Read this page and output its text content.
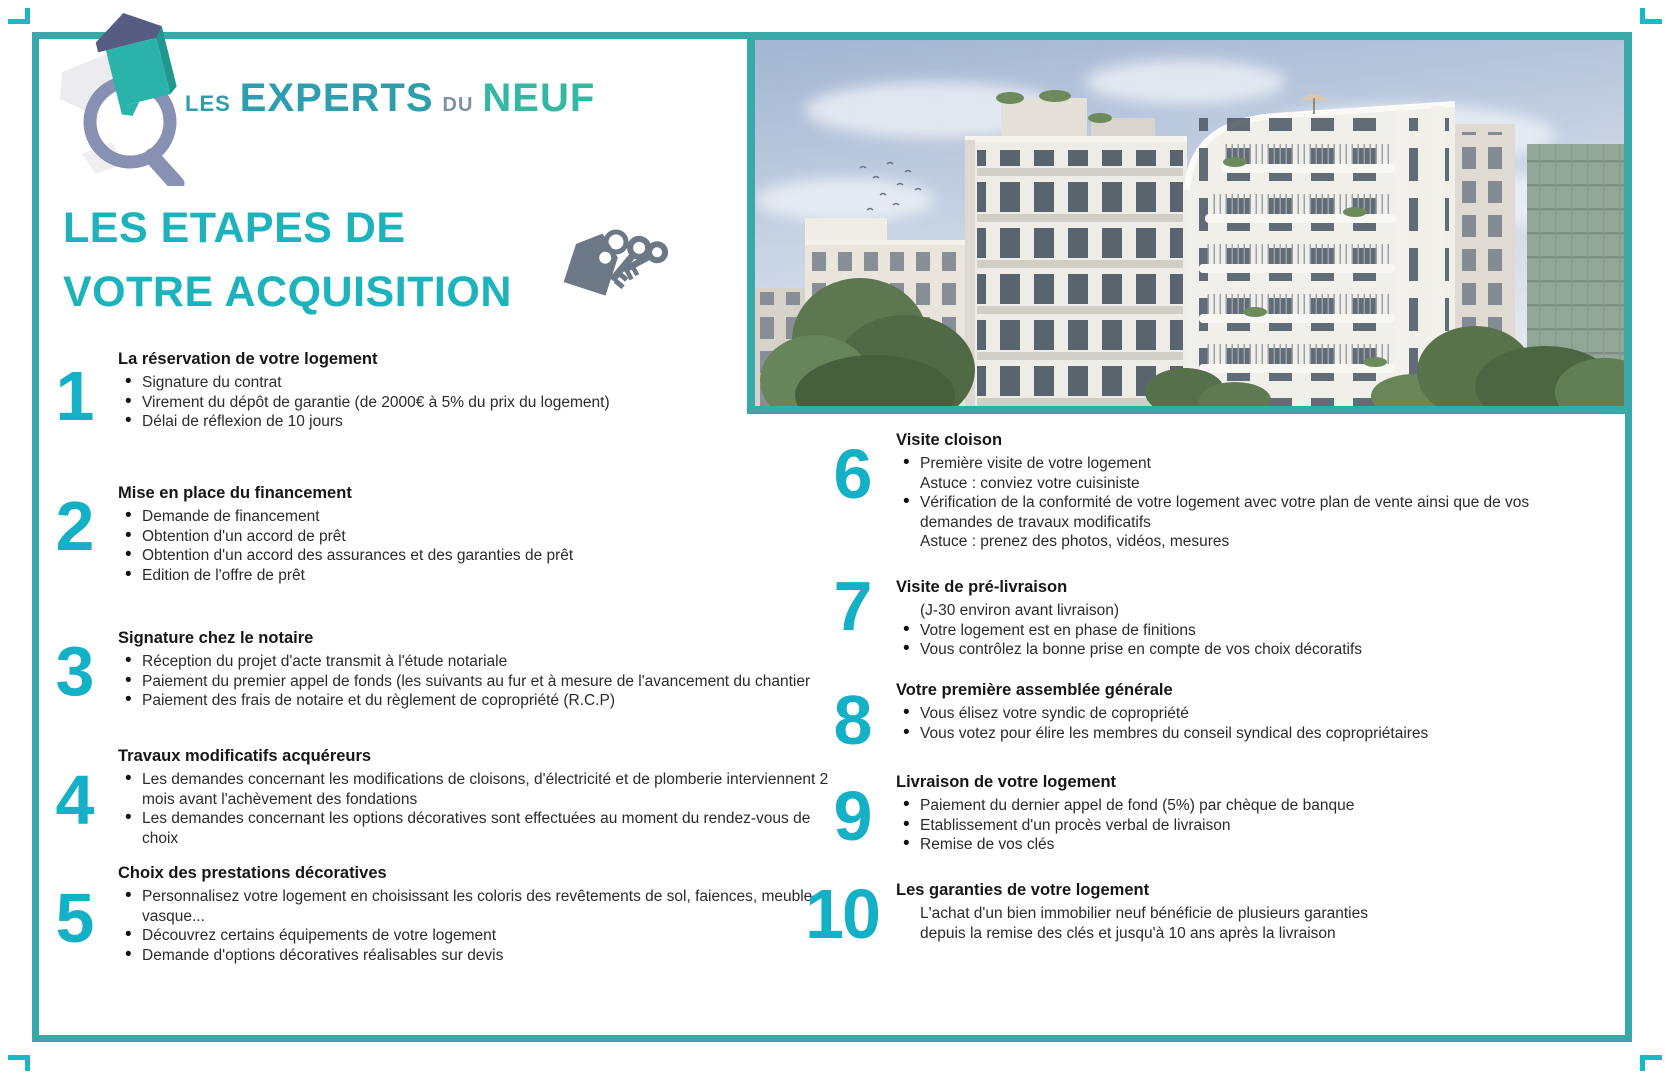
LES EXPERTS DU NEUF
LES ETAPES DE
VOTRE ACQUISITION
1	La réservation de votre logement
• Signature du contrat
• Virement du dépôt de garantie (de 2000€ à 5% du prix du logement)
• Délai de réflexion de 10 jours
2	Mise en place du financement
• Demande de financement
• Obtention d'un accord de prêt
• Obtention d'un accord des assurances et des garanties de prêt
• Edition de l'offre de prêt
3	Signature chez le notaire
• Réception du projet d'acte transmit à l'étude notariale
• Paiement du premier appel de fonds (les suivants au fur et à mesure de l'avancement du chantier
• Paiement des frais de notaire et du règlement de copropriété (R.C.P)
4
Travaux modificatifs acquéreurs
• Les demandes concernant les modifications de cloisons, d'électricité et de plomberie interviennent 2 mois avant l'achèvement des fondations
• Les demandes concernant les options décoratives sont effectuées au moment du rendez-vous de choix
5
Choix des prestations décoratives
• Personnalisez votre logement en choisissant les coloris des revêtements de sol, faiences, meuble vasque...
• Découvrez certains équipements de votre logement
• Demande d'options décoratives réalisables sur devis
6	Visite cloison
• Première visite de votre logement
Astuce : conviez votre cuisiniste
• Vérification de la conformité de votre logement avec votre plan de vente ainsi que de vos demandes de travaux modificatifs
Astuce : prenez des photos, vidéos, mesures
7	Visite de pré-livraison
(J-30 environ avant livraison)
• Votre logement est en phase de finitions
• Vous contrôlez la bonne prise en compte de vos choix décoratifs
8	Votre première assemblée générale
• Vous élisez votre syndic de copropriété
• Vous votez pour élire les membres du conseil syndical des copropriétaires
9	Livraison de votre logement
• Paiement du dernier appel de fond (5%) par chèque de banque
• Etablissement d'un procès verbal de livraison
• Remise de vos clés
10	Les garanties de votre logement
L'achat d'un bien immobilier neuf bénéficie de plusieurs garanties depuis la remise des clés et jusqu'à 10 ans après la livraison
